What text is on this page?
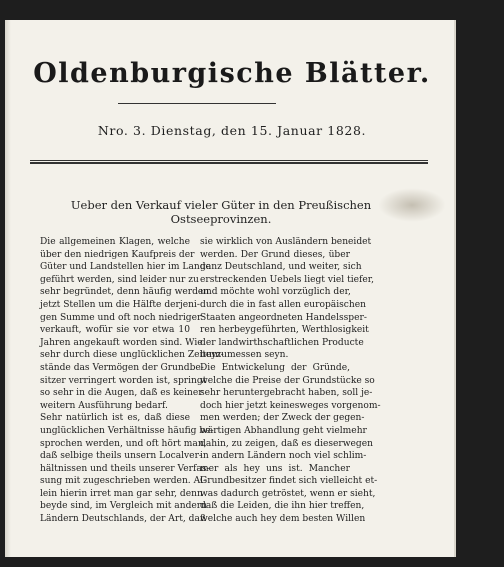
Oldenburgische Blätter.
Nro. 3. Dienstag, den 15. Januar 1828.
Ueber den Verkauf vieler Güter in den Preußischen
Ostseeprovinzen.
Die allgemeinen Klagen, welche
über den niedrigen Kaufpreis der
Güter und Landstellen hier im Lande
geführt werden, sind leider nur zu
sehr begründet, denn häufig werden
jetzt Stellen um die Hälfte derjeni-
gen Summe und oft noch niedriger
verkauft, wofür sie vor etwa 10
Jahren angekauft worden sind. Wie
sehr durch diese unglücklichen Zeitum-
stände das Vermögen der Grundbe-
sitzer verringert worden ist, springt
so sehr in die Augen, daß es keiner
weitern Ausführung bedarf.
Sehr natürlich ist es, daß diese
unglücklichen Verhältnisse häufig be-
sprochen werden, und oft hört man,
daß selbige theils unsern Localver-
hältnissen und theils unserer Verfas-
sung mit zugeschrieben werden. Al-
lein hierin irret man gar sehr, denn
beyde sind, im Vergleich mit andern
Ländern Deutschlands, der Art, daß
sie wirklich von Ausländern beneidet
werden. Der Grund dieses, über
ganz Deutschland, und weiter, sich
erstreckenden Uebels liegt viel tiefer,
und möchte wohl vorzüglich der,
durch die in fast allen europäischen
Staaten angeordneten Handelssper-
ren herbeygeführten, Werthlosigkeit
der landwirthschaftlichen Producte
beyzumessen seyn.
Die Entwickelung der Gründe,
welche die Preise der Grundstücke so
sehr heruntergebracht haben, soll je-
doch hier jetzt keinesweges vorgenom-
men werden; der Zweck der gegen-
wärtigen Abhandlung geht vielmehr
dahin, zu zeigen, daß es dieserwegen
in andern Ländern noch viel schlim-
mer als hey uns ist. Mancher
Grundbesitzer findet sich vielleicht et-
was dadurch getröstet, wenn er sieht,
daß die Leiden, die ihn hier treffen,
welche auch hey dem besten Willen
